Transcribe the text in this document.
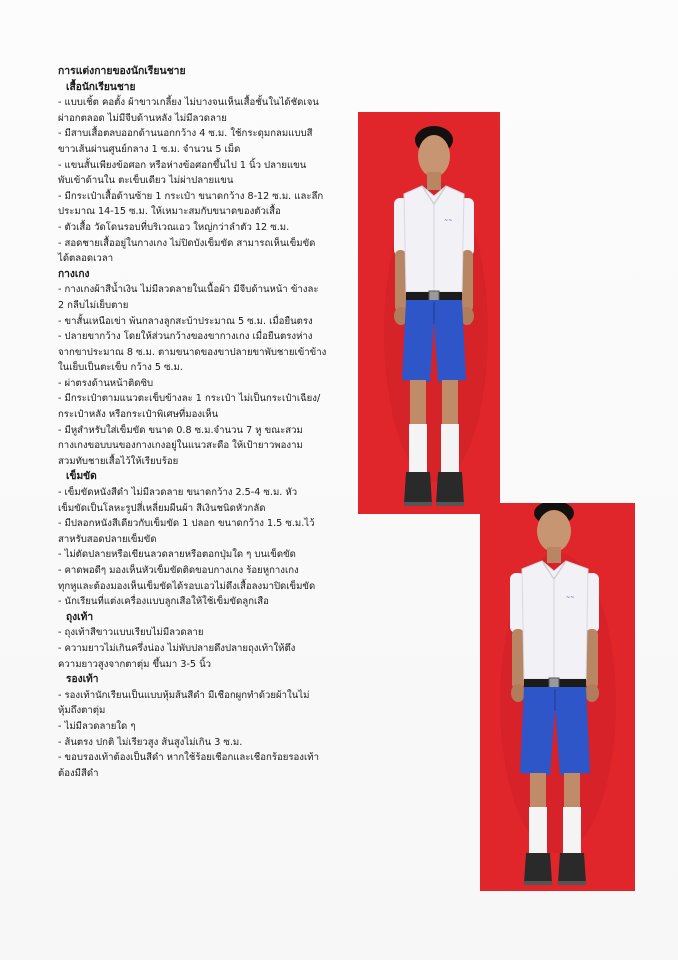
การแต่งกายของนักเรียนชาย
เสื้อนักเรียนชาย
- แบบเชิ้ต คอตั้ง ผ้าขาวเกลี้ยง ไม่บางจนเห็นเสื้อชั้นในได้ชัดเจน
ผ่าอกตลอด ไม่มีจีบด้านหลัง ไม่มีลวดลาย
- มีสาบเสื้อตลบออกด้านนอกกว้าง 4 ซ.ม. ใช้กระดุมกลมแบบสี
ขาวเส้นผ่านศูนย์กลาง 1 ซ.ม. จำนวน 5 เม็ด
- แขนสั้นเพียงข้อศอก หรือห่างข้อศอกขึ้นไป 1 นิ้ว ปลายแขน
พับเข้าด้านใน ตะเข็บเดียว ไม่ผ่าปลายแขน
- มีกระเป๋าเสื้อด้านซ้าย 1 กระเป๋า ขนาดกว้าง 8-12 ซ.ม. และลึก
ประมาณ 14-15 ซ.ม. ให้เหมาะสมกับขนาดของตัวเสื้อ
- ตัวเสื้อ วัดโดนรอบที่บริเวณเอว ใหญ่กว่าลำตัว 12 ซ.ม.
- สอดชายเสื้ออยู่ในกางเกง ไม่ปิดบังเข็มขัด สามารถเห็นเข็มขัด
ได้ตลอดเวลา
กางเกง
- กางเกงผ้าสีน้ำเงิน ไม่มีลวดลายในเนื้อผ้า มีจีบด้านหน้า ข้างละ
2 กลีบไม่เย็บตาย
- ขาสั้นเหนือเข่า พ้นกลางลูกสะบ้าประมาณ 5 ซ.ม. เมื่อยืนตรง
- ปลายขากว้าง โดยให้ส่วนกว้างของขากางเกง เมื่อยืนตรงห่าง
จากขาประมาณ 8 ซ.ม. ตามขนาดของขาปลายขาพับชายเข้าข้าง
ในเย็บเป็นตะเข็บ กว้าง 5 ซ.ม.
- ผ่าตรงด้านหน้าติดซิบ
- มีกระเป๋าตามแนวตะเข็บข้างละ 1 กระเป๋า ไม่เป็นกระเป๋าเฉียง/
กระเป๋าหลัง หรือกระเป๋าพิเศษที่มองเห็น
- มีหูสำหรับใส่เข็มขัด ขนาด 0.8 ซ.ม.จำนวน 7 หู ขณะสวม
กางเกงขอบบนของกางเกงอยู่ในแนวสะดือ ให้เป้ายาวพองาม
สวมทับชายเสื้อไว้ให้เรียบร้อย
เข็มขัด
- เข็มขัดหนังสีดำ ไม่มีลวดลาย ขนาดกว้าง 2.5-4 ซ.ม. หัว
เข็มขัดเป็นโลหะรูปสี่เหลี่ยมผืนผ้า สีเงินชนิดหัวกลัด
- มีปลอกหนังสีเดียวกับเข็มขัด 1 ปลอก ขนาดกว้าง 1.5 ซ.ม.ไว้
สาหรับสอดปลายเข็มขัด
- ไม่ตัดปลายหรือเขียนลวดลายหรือตอกปุ่มใด ๆ บนเข็ดขัด
- คาดพอดีๆ มองเห็นหัวเข็มขัดติดขอบกางเกง ร้อยหูกางเกง
ทุกหูและต้องมองเห็นเข็มขัดได้รอบเอวไม่ดึงเสื้อลงมาปิดเข็มขัด
- นักเรียนที่แต่งเครื่องแบบลูกเสือให้ใช้เข็มขัดลูกเสือ
ถุงเท้า
- ถุงเท้าสีขาวแบบเรียบไม่มีลวดลาย
- ความยาวไม่เกินครึ่งน่อง ไม่พับปลายดึงปลายถุงเท้าให้ตึง
ความยาวสูงจากตาตุ่ม ขึ้นมา 3-5 นิ้ว
รองเท้า
- รองเท้านักเรียนเป็นแบบหุ้มส้นสีดำ มีเชือกผูกทำด้วยผ้าในไม่
หุ้มถึงตาตุ่ม
- ไม่มีลวดลายใด ๆ
- ส้นตรง ปกติ ไม่เรียวสูง ส้นสูงไม่เกิน 3 ซ.ม.
- ขอบรองเท้าต้องเป็นสีดำ หากใช้ร้อยเชือกและเชือกร้อยรองเท้า
ต้องมีสีดำ
~~
~~
